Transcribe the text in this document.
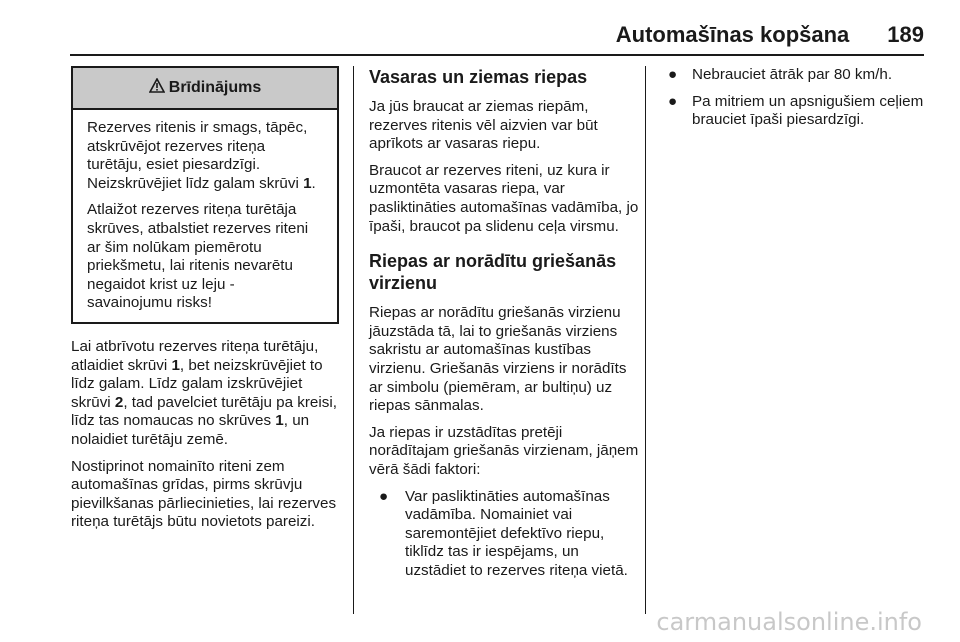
Automašīnas kopšana 189
Brīdinājums

Rezerves ritenis ir smags, tāpēc, atskrūvējot rezerves riteņa turētāju, esiet piesardzīgi. Neizskrūvējiet līdz galam skrūvi 1.

Atlaižot rezerves riteņa turētāja skrūves, atbalstiet rezerves riteni ar šim nolūkam piemērotu priekšmetu, lai ritenis nevarētu negaidot krist uz leju - savainojumu risks!

Lai atbrīvotu rezerves riteņa turētāju, atlaidiet skrūvi 1, bet neizskrūvējiet to līdz galam. Līdz galam izskrūvējiet skrūvi 2, tad pavelciet turētāju pa kreisi, līdz tas nomaucas no skrūves 1, un nolaidiet turētāju zemē.

Nostiprinot nomainīto riteni zem automašīnas grīdas, pirms skrūvju pievilkšanas pārliecinieties, lai rezerves riteņa turētājs būtu novietots pareizi.

Vasaras un ziemas riepas

Ja jūs braucat ar ziemas riepām, rezerves ritenis vēl aizvien var būt aprīkots ar vasaras riepu.

Braucot ar rezerves riteni, uz kura ir uzmontēta vasaras riepa, var pasliktināties automašīnas vadāmība, jo īpaši, braucot pa slidenu ceļa virsmu.

Riepas ar norādītu griešanās virzienu

Riepas ar norādītu griešanās virzienu jāuzstāda tā, lai to griešanās virziens sakristu ar automašīnas kustības virzienu. Griešanās virziens ir norādīts ar simbolu (piemēram, ar bultiņu) uz riepas sānmalas.

Ja riepas ir uzstādītas pretēji norādītajam griešanās virzienam, jāņem vērā šādi faktori:

● Var pasliktināties automašīnas vadāmība. Nomainiet vai saremontējiet defektīvo riepu, tiklīdz tas ir iespējams, un uzstādiet to rezerves riteņa vietā.
● Nebrauciet ātrāk par 80 km/h.
● Pa mitriem un apsnigušiem ceļiem brauciet īpaši piesardzīgi.
carmanualsonline.info
